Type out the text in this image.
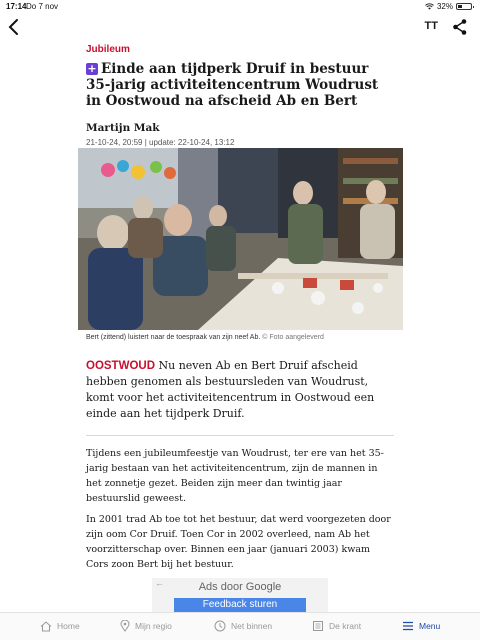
17:14 Do 7 nov	32%
TT
Jubileum
+ Einde aan tijdperk Druif in bestuur 35-jarig activiteitencentrum Woudrust in Oostwoud na afscheid Ab en Bert
Martijn Mak
21-10-24, 20:59 | update: 22-10-24, 13:12
Bert (zittend) luistert naar de toespraak van zijn neef Ab. © Foto aangeleverd

OOSTWOUD Nu neven Ab en Bert Druif afscheid hebben genomen als bestuursleden van Woudrust, komt voor het activiteitencentrum in Oostwoud een einde aan het tijdperk Druif.

Tijdens een jubileumfeestje van Woudrust, ter ere van het 35-jarig bestaan van het activiteitencentrum, zijn de mannen in het zonnetje gezet. Beiden zijn meer dan twintig jaar bestuurslid geweest.

In 2001 trad Ab toe tot het bestuur, dat werd voorgezeten door zijn oom Cor Druif. Toen Cor in 2002 overleed, nam Ab het voorzitterschap over. Binnen een jaar (januari 2003) kwam Cors zoon Bert bij het bestuur.

←	Ads door Google
Feedback sturen
Home	Mijn regio	Net binnen	De krant	Menu
